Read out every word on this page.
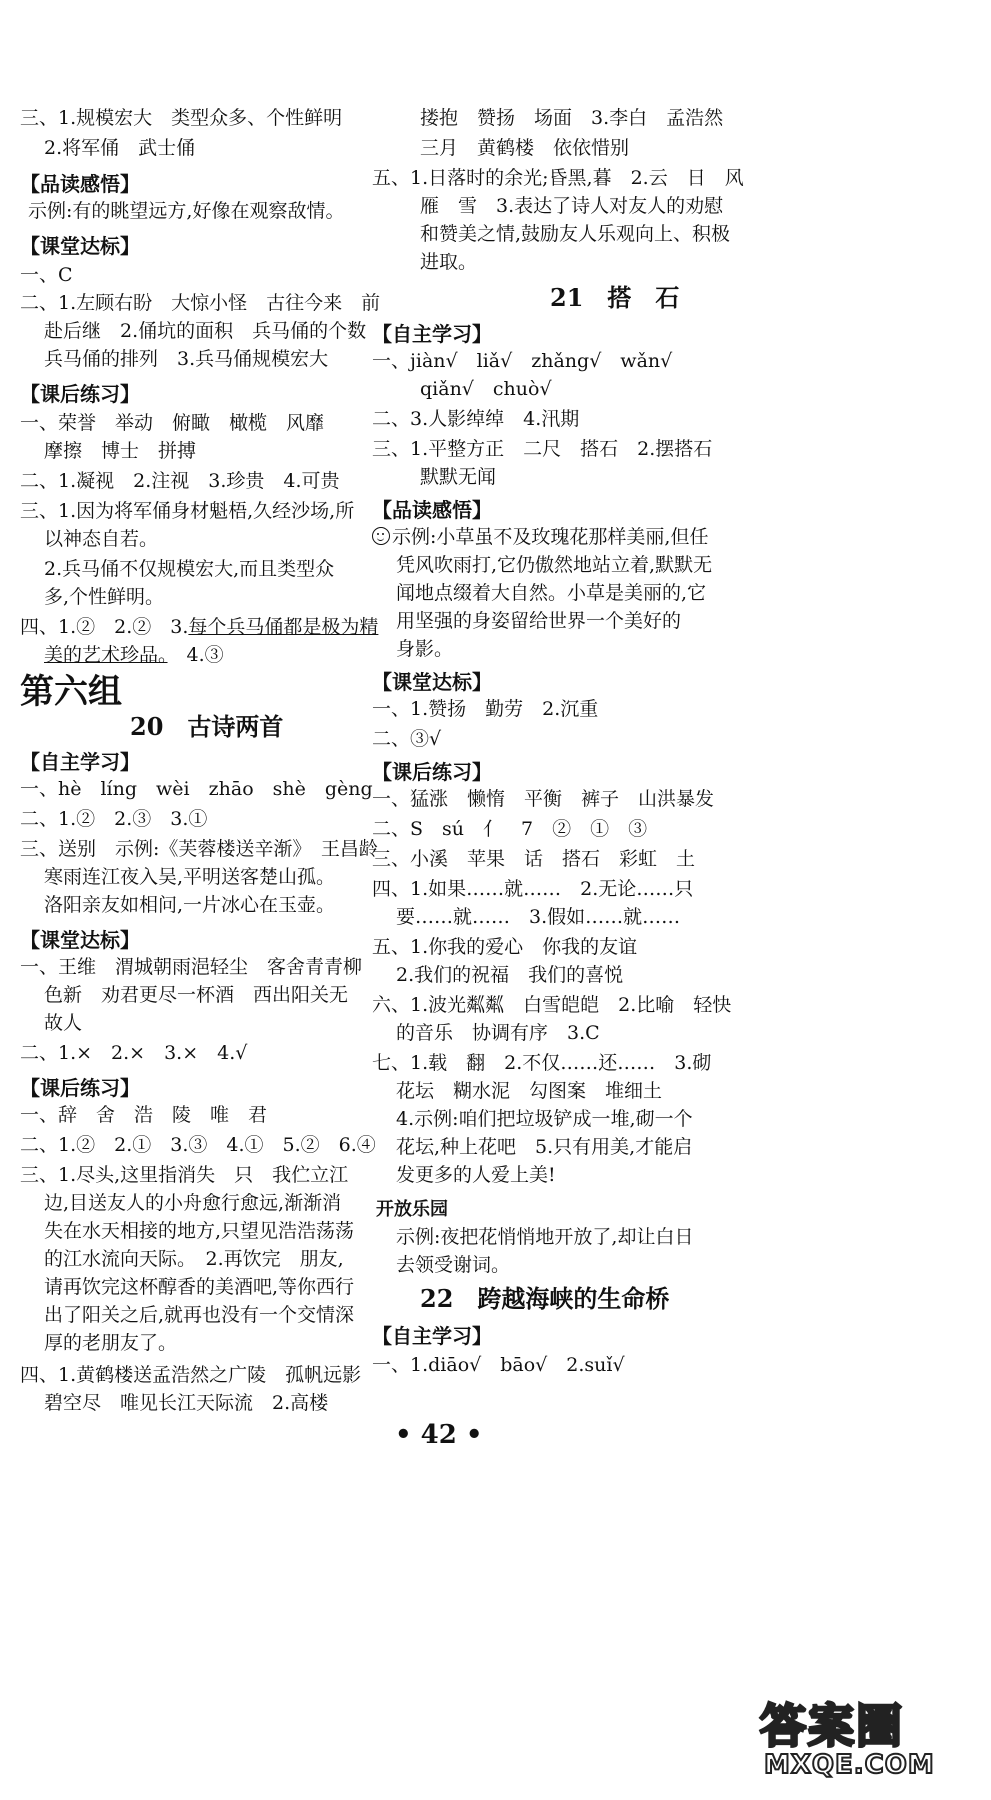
三、1.规模宏大　类型众多、个性鲜明
2.将军俑　武士俑
【品读感悟】
示例:有的眺望远方,好像在观察敌情。
【课堂达标】
一、C
二、1.左顾右盼　大惊小怪　古往今来　前
赴后继　2.俑坑的面积　兵马俑的个数
兵马俑的排列　3.兵马俑规模宏大
【课后练习】
一、荣誉　举动　俯瞰　橄榄　风靡
摩擦　博士　拼搏
二、1.凝视　2.注视　3.珍贵　4.可贵
三、1.因为将军俑身材魁梧,久经沙场,所
以神态自若。
2.兵马俑不仅规模宏大,而且类型众
多,个性鲜明。
四、1.②　2.②　3.每个兵马俑都是极为精
美的艺术珍品。　4.③
第六组
20　古诗两首
【自主学习】
一、hè　líng　wèi　zhāo　shè　gèng
二、1.②　2.③　3.①
三、送别　示例:《芙蓉楼送辛渐》　王昌龄
寒雨连江夜入吴,平明送客楚山孤。
洛阳亲友如相问,一片冰心在玉壶。
【课堂达标】
一、王维　渭城朝雨浥轻尘　客舍青青柳
色新　劝君更尽一杯酒　西出阳关无
故人
二、1.×　2.×　3.×　4.√
【课后练习】
一、辞　舍　浩　陵　唯　君
二、1.②　2.①　3.③　4.①　5.②　6.④
三、1.尽头,这里指消失　只　我伫立江
边,目送友人的小舟愈行愈远,渐渐消
失在水天相接的地方,只望见浩浩荡荡
的江水流向天际。　2.再饮完　朋友,
请再饮完这杯醇香的美酒吧,等你西行
出了阳关之后,就再也没有一个交情深
厚的老朋友了。
四、1.黄鹤楼送孟浩然之广陵　孤帆远影
碧空尽　唯见长江天际流　2.高楼
搂抱　赞扬　场面　3.李白　孟浩然
三月　黄鹤楼　依依惜别
五、1.日落时的余光;昏黑,暮　2.云　日　风
雁　雪　3.表达了诗人对友人的劝慰
和赞美之情,鼓励友人乐观向上、积极
进取。
21　搭　石
【自主学习】
一、jiàn√　liǎ√　zhǎng√　wǎn√
qiǎn√　chuò√
二、3.人影绰绰　4.汛期
三、1.平整方正　二尺　搭石　2.摆搭石
默默无闻
【品读感悟】
示例:小草虽不及玫瑰花那样美丽,但任
凭风吹雨打,它仍傲然地站立着,默默无
闻地点缀着大自然。小草是美丽的,它
用坚强的身姿留给世界一个美好的
身影。
【课堂达标】
一、1.赞扬　勤劳　2.沉重
二、③√
【课后练习】
一、猛涨　懒惰　平衡　裤子　山洪暴发
二、S　sú　亻　7　②　①　③
三、小溪　苹果　话　搭石　彩虹　土
四、1.如果……就……　2.无论……只
要……就……　3.假如……就……
五、1.你我的爱心　你我的友谊
2.我们的祝福　我们的喜悦
六、1.波光粼粼　白雪皑皑　2.比喻　轻快
的音乐　协调有序　3.C
七、1.载　翻　2.不仅……还……　3.砌
花坛　糊水泥　勾图案　堆细土
4.示例:咱们把垃圾铲成一堆,砌一个
花坛,种上花吧　5.只有用美,才能启
发更多的人爱上美!
开放乐园
示例:夜把花悄悄地开放了,却让白日
去领受谢词。
22　跨越海峡的生命桥
【自主学习】
一、1.diāo√　bāo√　2.suǐ√
• 42 •
答案圈
MXQE.COM
